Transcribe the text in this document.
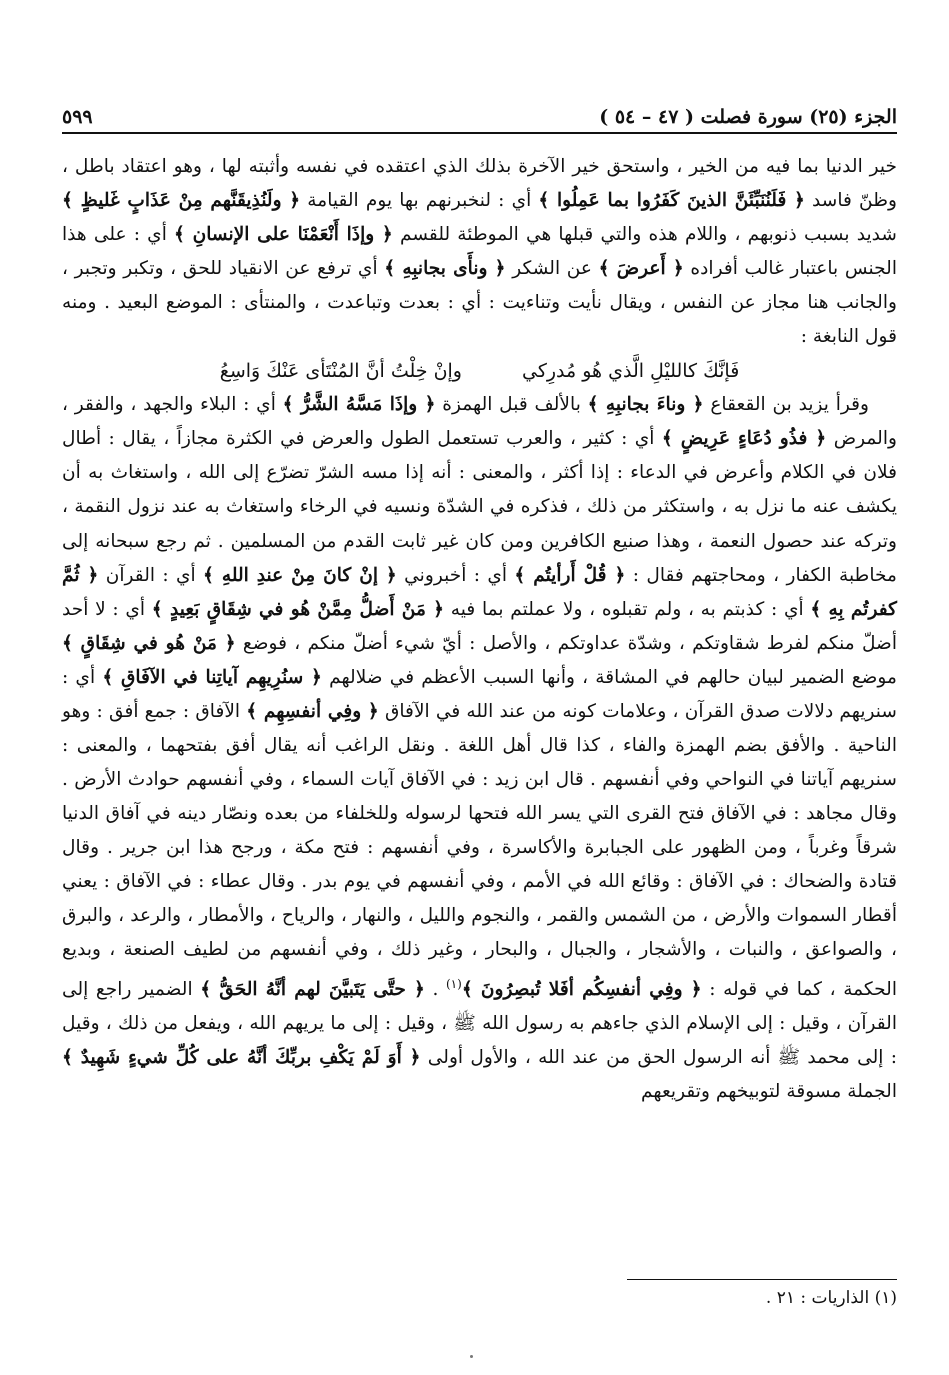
الجزء (٢٥) سورة فصلت ( ٤٧ – ٥٤ )
٥٩٩

خير الدنيا بما فيه من الخير ، واستحق خير الآخرة بذلك الذي اعتقده في نفسه وأثبته لها ، وهو اعتقاد باطل ، وظنّ فاسد ﴿ فَلَنُنَبِّئَنَّ الذينَ كَفَرُوا بما عَمِلُوا ﴾ أي : لنخبرنهم بها يوم القيامة ﴿ ولَنُذِيقَنَّهم مِنْ عَذَابٍ غَليظٍ ﴾ شديد بسبب ذنوبهم ، واللام هذه والتي قبلها هي الموطئة للقسم ﴿ وإذَا أَنْعَمْنَا على الإنسانِ ﴾ أي : على هذا الجنس باعتبار غالب أفراده ﴿ أَعرضَ ﴾ عن الشكر ﴿ ونأَى بجانبِهِ ﴾ أي ترفع عن الانقياد للحق ، وتكبر وتجبر ، والجانب هنا مجاز عن النفس ، ويقال نأيت وتناءيت : أي : بعدت وتباعدت ، والمنتأى : الموضع البعيد . ومنه قول النابغة :

فَإنَّكَ كالليْلِ الَّذي هُو مُدرِكي
وإنْ خِلْتُ أنَّ المُنْتَأى عَنْكَ وَاسِعُ

وقرأ يزيد بن القعقاع ﴿ وناءَ بجانبِهِ ﴾ بالألف قبل الهمزة ﴿ وإذَا مَسَّهُ الشَّرُّ ﴾ أي : البلاء والجهد ، والفقر ، والمرض ﴿ فذُو دُعَاءٍ عَرِيضٍ ﴾ أي : كثير ، والعرب تستعمل الطول والعرض في الكثرة مجازاً ، يقال : أطال فلان في الكلام وأعرض في الدعاء : إذا أكثر ، والمعنى : أنه إذا مسه الشرّ تضرّع إلى الله ، واستغاث به أن يكشف عنه ما نزل به ، واستكثر من ذلك ، فذكره في الشدّة ونسيه في الرخاء واستغاث به عند نزول النقمة ، وتركه عند حصول النعمة ، وهذا صنيع الكافرين ومن كان غير ثابت القدم من المسلمين . ثم رجع سبحانه إلى مخاطبة الكفار ، ومحاجتهم فقال : ﴿ قُلْ أَرأيتُم ﴾ أي : أخبروني ﴿ إنْ كانَ مِنْ عندِ اللهِ ﴾ أي : القرآن ﴿ ثُمَّ كفرتُم بِهِ ﴾ أي : كذبتم به ، ولم تقبلوه ، ولا عملتم بما فيه ﴿ مَنْ أَضلُّ مِمَّنْ هُو في شِقَاقٍ بَعِيدٍ ﴾ أي : لا أحد أضلّ منكم لفرط شقاوتكم ، وشدّة عداوتكم ، والأصل : أيّ شيء أضلّ منكم ، فوضع ﴿ مَنْ هُو في شِقَاقٍ ﴾ موضع الضمير لبيان حالهم في المشاقة ، وأنها السبب الأعظم في ضلالهم ﴿ سنُرِيهِم آياتِنا في الآفَاقِ ﴾ أي : سنريهم دلالات صدق القرآن ، وعلامات كونه من عند الله في الآفاق ﴿ وفِي أنفسِهِم ﴾ الآفاق : جمع أفق : وهو الناحية . والأفق بضم الهمزة والفاء ، كذا قال أهل اللغة . ونقل الراغب أنه يقال أفق بفتحهما ، والمعنى : سنريهم آياتنا في النواحي وفي أنفسهم . قال ابن زيد : في الآفاق آيات السماء ، وفي أنفسهم حوادث الأرض . وقال مجاهد : في الآفاق فتح القرى التي يسر الله فتحها لرسوله وللخلفاء من بعده ونصّار دينه في آفاق الدنيا شرقاً وغرباً ، ومن الظهور على الجبابرة والأكاسرة ، وفي أنفسهم : فتح مكة ، ورجح هذا ابن جرير . وقال قتادة والضحاك : في الآفاق : وقائع الله في الأمم ، وفي أنفسهم في يوم بدر . وقال عطاء : في الآفاق : يعني أقطار السموات والأرض ، من الشمس والقمر ، والنجوم والليل ، والنهار ، والرياح ، والأمطار ، والرعد ، والبرق ، والصواعق ، والنبات ، والأشجار ، والجبال ، والبحار ، وغير ذلك ، وفي أنفسهم من لطيف الصنعة ، وبديع الحكمة ، كما في قوله : ﴿ وفِي أنفسِكُم أفَلا تُبصِرُونَ ﴾$^{(١)}$ . ﴿ حتَّى يَتَبيَّنَ لهم أنَّهُ الحَقُّ ﴾ الضمير راجع إلى القرآن ، وقيل : إلى الإسلام الذي جاءهم به رسول الله ﷺ ، وقيل : إلى ما يريهم الله ، ويفعل من ذلك ، وقيل : إلى محمد ﷺ أنه الرسول الحق من عند الله ، والأول أولى ﴿ أَوَ لَمْ يَكْفِ بربِّكَ أنَّهُ على كُلِّ شيءٍ شَهِيدٌ ﴾ الجملة مسوقة لتوبيخهم وتقريعهم

(١) الذاريات : ٢١ .
